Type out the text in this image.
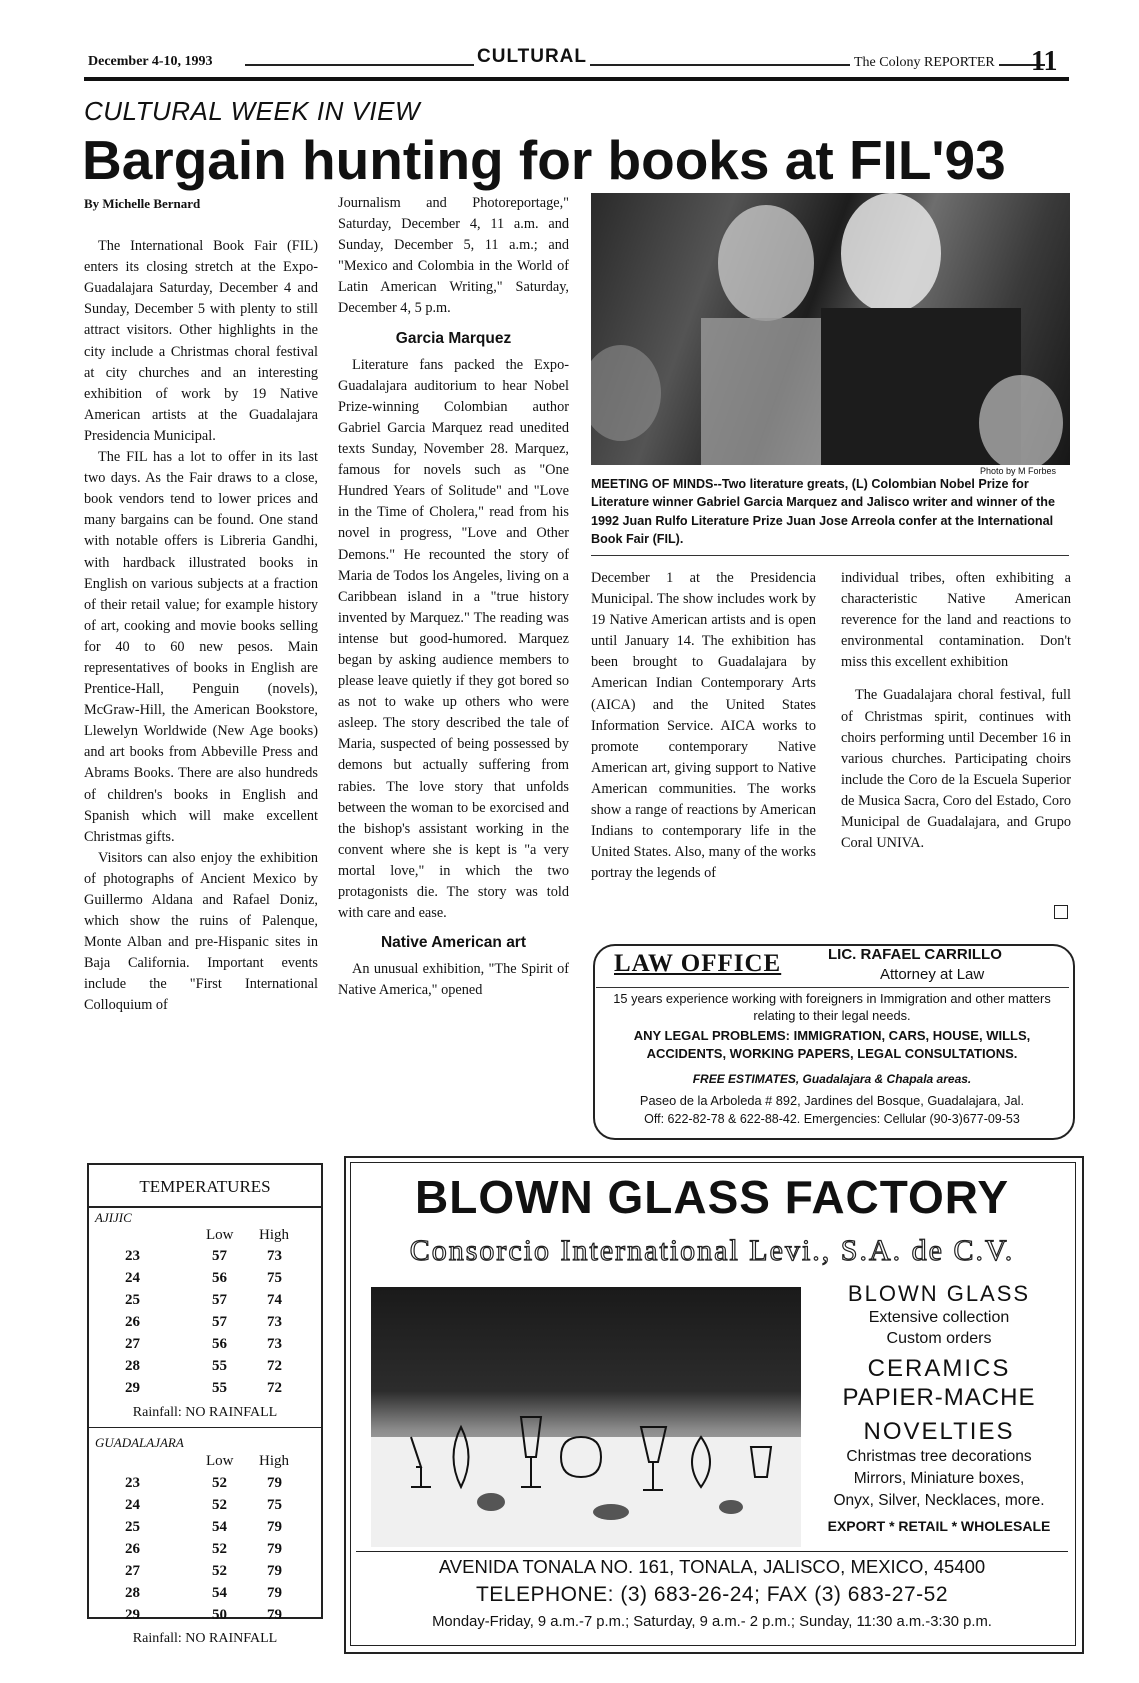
December 4-10, 1993	CULTURAL	The Colony REPORTER 11
CULTURAL WEEK IN VIEW
Bargain hunting for books at FIL'93
By Michelle Bernard

The International Book Fair (FIL) enters its closing stretch at the Expo-Guadalajara Saturday, December 4 and Sunday, December 5 with plenty to still attract visitors. Other highlights in the city include a Christmas choral festival at city churches and an interesting exhibition of work by 19 Native American artists at the Guadalajara Presidencia Municipal.

The FIL has a lot to offer in its last two days. As the Fair draws to a close, book vendors tend to lower prices and many bargains can be found. One stand with notable offers is Libreria Gandhi, with hardback illustrated books in English on various subjects at a fraction of their retail value; for example history of art, cooking and movie books selling for 40 to 60 new pesos. Main representatives of books in English are Prentice-Hall, Penguin (novels), McGraw-Hill, the American Bookstore, Llewelyn Worldwide (New Age books) and art books from Abbeville Press and Abrams Books. There are also hundreds of children's books in English and Spanish which will make excellent Christmas gifts.

Visitors can also enjoy the exhibition of photographs of Ancient Mexico by Guillermo Aldana and Rafael Doniz, which show the ruins of Palenque, Monte Alban and pre-Hispanic sites in Baja California. Important events include the "First International Colloquium of

Journalism and Photoreportage," Saturday, December 4, 11 a.m. and Sunday, December 5, 11 a.m.; and "Mexico and Colombia in the World of Latin American Writing," Saturday, December 4, 5 p.m.

Garcia Marquez

Literature fans packed the Expo-Guadalajara auditorium to hear Nobel Prize-winning Colombian author Gabriel Garcia Marquez read unedited texts Sunday, November 28. Marquez, famous for novels such as "One Hundred Years of Solitude" and "Love in the Time of Cholera," read from his novel in progress, "Love and Other Demons." He recounted the story of Maria de Todos los Angeles, living on a Caribbean island in a "true history invented by Marquez." The reading was intense but good-humored. Marquez began by asking audience members to please leave quietly if they got bored so as not to wake up others who were asleep. The story described the tale of Maria, suspected of being possessed by demons but actually suffering from rabies. The love story that unfolds between the woman to be exorcised and the bishop's assistant working in the convent where she is kept is "a very mortal love," in which the two protagonists die. The story was told with care and ease.

Native American art

An unusual exhibition, "The Spirit of Native America," opened

Photo by M Forbes
MEETING OF MINDS--Two literature greats, (L) Colombian Nobel Prize for Literature winner Gabriel Garcia Marquez and Jalisco writer and winner of the 1992 Juan Rulfo Literature Prize Juan Jose Arreola confer at the International Book Fair (FIL).

December 1 at the Presidencia Municipal. The show includes work by 19 Native American artists and is open until January 14. The exhibition has been brought to Guadalajara by American Indian Contemporary Arts (AICA) and the United States Information Service. AICA works to promote contemporary Native American art, giving support to Native American communities. The works show a range of reactions by American Indians to contemporary life in the United States. Also, many of the works portray the legends of

individual tribes, often exhibiting a characteristic Native American reverence for the land and reactions to environmental contamination. Don't miss this excellent exhibition

The Guadalajara choral festival, full of Christmas spirit, continues with choirs performing until December 16 in various churches. Participating choirs include the Coro de la Escuela Superior de Musica Sacra, Coro del Estado, Coro Municipal de Guadalajara, and Grupo Coral UNIVA.

LAW OFFICE	LIC. RAFAEL CARRILLO
Attorney at Law
15 years experience working with foreigners in Immigration and other matters relating to their legal needs.
ANY LEGAL PROBLEMS: IMMIGRATION, CARS, HOUSE, WILLS, ACCIDENTS, WORKING PAPERS, LEGAL CONSULTATIONS.
FREE ESTIMATES, Guadalajara & Chapala areas.
Paseo de la Arboleda # 892, Jardines del Bosque, Guadalajara, Jal.
Off: 622-82-78 & 622-88-42. Emergencies: Cellular (90-3)677-09-53
TEMPERATURES
AJIJIC
Low High
23	57	73
24	56	75
25	57	74
26	57	73
27	56	73
28	55	72
29	55	72
Rainfall: NO RAINFALL
GUADALAJARA
Low High
23	52	79
24	52	75
25	54	79
26	52	79
27	52	79
28	54	79
29	50	79
Rainfall: NO RAINFALL
BLOWN GLASS FACTORY
Consorcio International Levi., S.A. de C.V.
BLOWN GLASS
Extensive collection
Custom orders
CERAMICS
PAPIER-MACHE
NOVELTIES
Christmas tree decorations
Mirrors, Miniature boxes,
Onyx, Silver, Necklaces, more.
EXPORT * RETAIL * WHOLESALE
AVENIDA TONALA NO. 161, TONALA, JALISCO, MEXICO, 45400
TELEPHONE: (3) 683-26-24; FAX (3) 683-27-52
Monday-Friday, 9 a.m.-7 p.m.; Saturday, 9 a.m.- 2 p.m.; Sunday, 11:30 a.m.-3:30 p.m.
